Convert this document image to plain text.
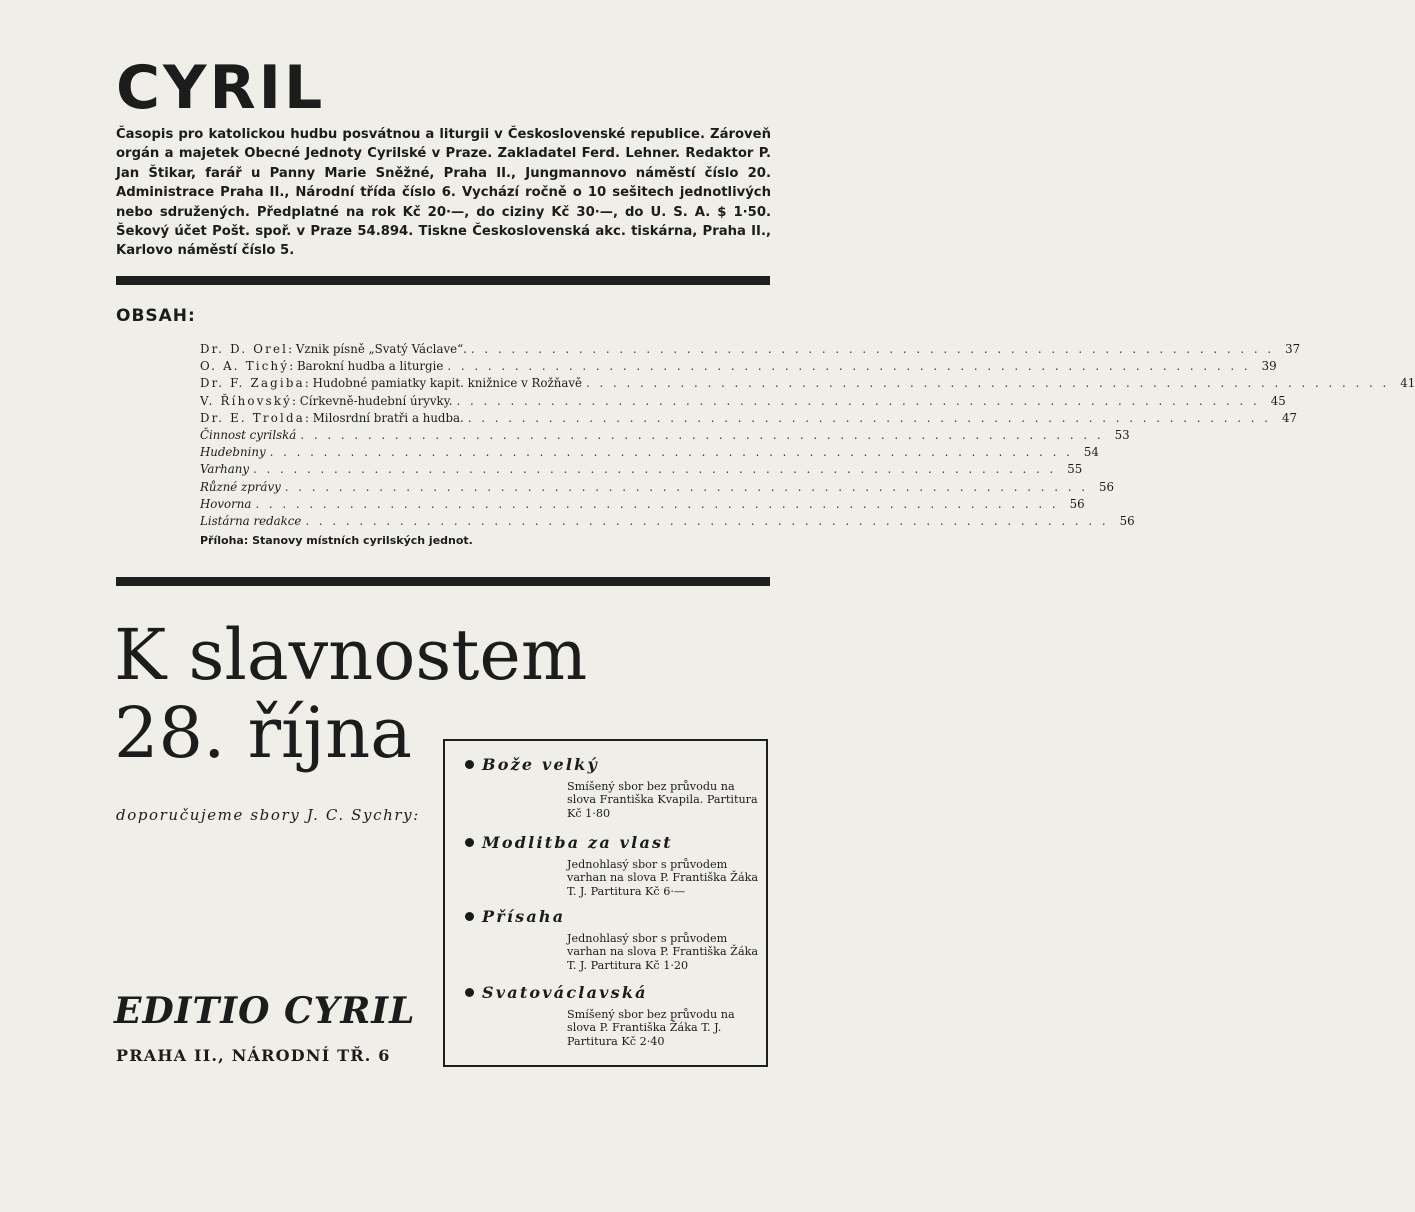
CYRIL
Časopis pro katolickou hudbu posvátnou a liturgii v Československé republice. Zároveň orgán a majetek Obecné Jednoty Cyrilské v Praze. Zakladatel Ferd. Lehner. Redaktor P. Jan Štikar, farář u Panny Marie Sněžné, Praha II., Jungmannovo náměstí číslo 20. Administrace Praha II., Národní třída číslo 6. Vychází ročně o 10 sešitech jednotlivých nebo sdružených. Předplatné na rok Kč 20·—, do ciziny Kč 30·—, do U. S. A. $ 1·50. Šekový účet Pošt. spoř. v Praze 54.894. Tiskne Československá akc. tiskárna, Praha II., Karlovo náměstí číslo 5.
OBSAH:
Dr. D. Orel: Vznik písně „Svatý Václave“. . . . . . . . . . . . . . . . . . . . . . . . . . . . . . . . . . . . . . . . . . . . . . . . . . . . . . . . . . . . . 37
O. A. Tichý: Barokní hudba a liturgie . . . . . . . . . . . . . . . . . . . . . . . . . . . . . . . . . . . . . . . . . . . . . . . . . . . . . . . . . . . . 39
Dr. F. Zagiba: Hudobné pamiatky kapit. knižnice v Rožňavě . . . . . . . . . . . . . . . . . . . . . . . . . . . . . . . . . . . . . . . . . . . . . . . . . . . . . . . . . . . . 41
V. Říhovský: Církevně-hudební úryvky. . . . . . . . . . . . . . . . . . . . . . . . . . . . . . . . . . . . . . . . . . . . . . . . . . . . . . . . . . . . . 45
Dr. E. Trolda: Milosrdní bratři a hudba. . . . . . . . . . . . . . . . . . . . . . . . . . . . . . . . . . . . . . . . . . . . . . . . . . . . . . . . . . . . . 47
Činnost cyrilská . . . . . . . . . . . . . . . . . . . . . . . . . . . . . . . . . . . . . . . . . . . . . . . . . . . . . . . . . . . . 53
Hudebniny . . . . . . . . . . . . . . . . . . . . . . . . . . . . . . . . . . . . . . . . . . . . . . . . . . . . . . . . . . . . 54
Varhany . . . . . . . . . . . . . . . . . . . . . . . . . . . . . . . . . . . . . . . . . . . . . . . . . . . . . . . . . . . . 55
Různé zprávy . . . . . . . . . . . . . . . . . . . . . . . . . . . . . . . . . . . . . . . . . . . . . . . . . . . . . . . . . . . . 56
Hovorna . . . . . . . . . . . . . . . . . . . . . . . . . . . . . . . . . . . . . . . . . . . . . . . . . . . . . . . . . . . . 56
Listárna redakce . . . . . . . . . . . . . . . . . . . . . . . . . . . . . . . . . . . . . . . . . . . . . . . . . . . . . . . . . . . . 56
Příloha: Stanovy místních cyrilských jednot.
K slavnostem
28. října
doporučujeme sbory J. C. Sychry:
EDITIO CYRIL
PRAHA II., NÁRODNÍ TŘ. 6
Bože velký
Smíšený sbor bez průvodu na slova Františka Kvapila. Partitura Kč 1·80
Modlitba za vlast
Jednohlasý sbor s průvodem varhan na slova P. Františka Žáka T. J. Partitura Kč 6·—
Přísaha
Jednohlasý sbor s průvodem varhan na slova P. Františka Žáka T. J. Partitura Kč 1·20
Svatováclavská
Smíšený sbor bez průvodu na slova P. Františka Žáka T. J. Partitura Kč 2·40
